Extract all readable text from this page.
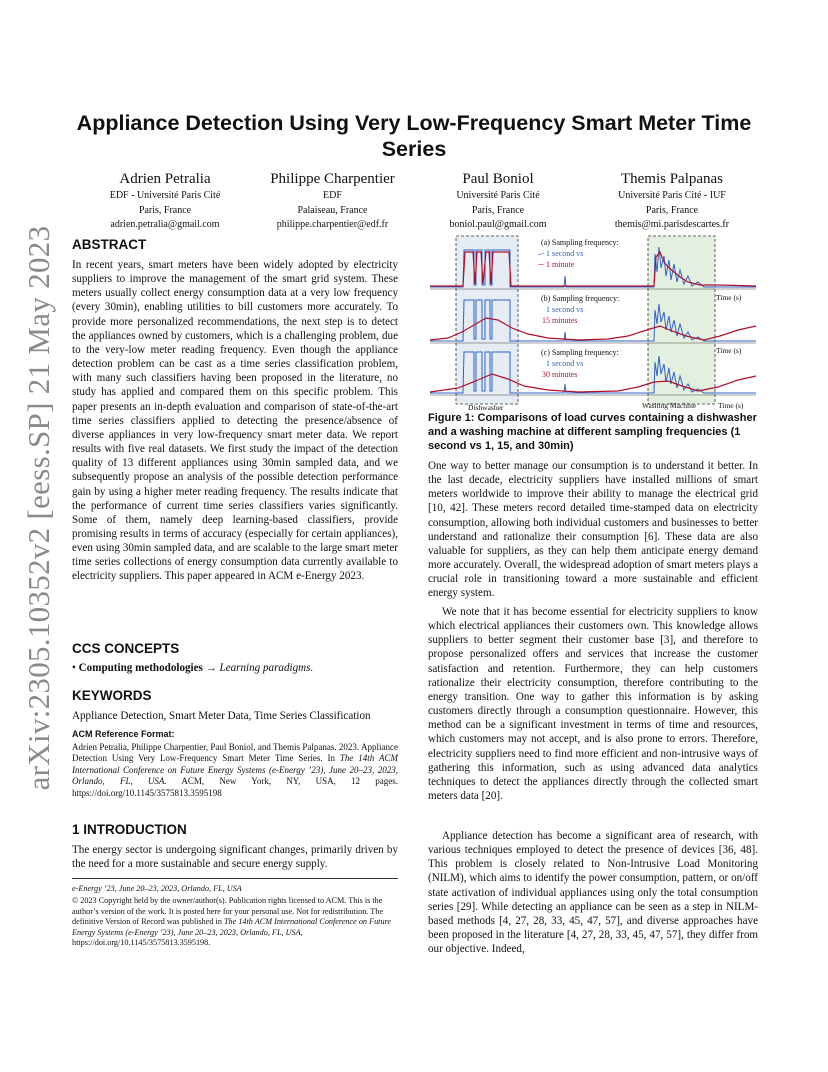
arXiv:2305.10352v2 [eess.SP] 21 May 2023
Appliance Detection Using Very Low-Frequency Smart Meter Time Series
Adrien Petralia
EDF - Université Paris Cité
Paris, France
adrien.petralia@gmail.com
Philippe Charpentier
EDF
Palaiseau, France
philippe.charpentier@edf.fr
Paul Boniol
Université Paris Cité
Paris, France
boniol.paul@gmail.com
Themis Palpanas
Université Paris Cité - IUF
Paris, France
themis@mi.parisdescartes.fr
ABSTRACT

In recent years, smart meters have been widely adopted by electricity suppliers to improve the management of the smart grid system. These meters usually collect energy consumption data at a very low frequency (every 30min), enabling utilities to bill customers more accurately. To provide more personalized recommendations, the next step is to detect the appliances owned by customers, which is a challenging problem, due to the very-low meter reading frequency. Even though the appliance detection problem can be cast as a time series classification problem, with many such classifiers having been proposed in the literature, no study has applied and compared them on this specific problem. This paper presents an in-depth evaluation and comparison of state-of-the-art time series classifiers applied to detecting the presence/absence of diverse appliances in very low-frequency smart meter data. We report results with five real datasets. We first study the impact of the detection quality of 13 different appliances using 30min sampled data, and we subsequently propose an analysis of the possible detection performance gain by using a higher meter reading frequency. The results indicate that the performance of current time series classifiers varies significantly. Some of them, namely deep learning-based classifiers, provide promising results in terms of accuracy (especially for certain appliances), even using 30min sampled data, and are scalable to the large smart meter time series collections of energy consumption data currently available to electricity suppliers. This paper appeared in ACM e-Energy 2023.

CCS CONCEPTS

• Computing methodologies → Learning paradigms.

KEYWORDS

Appliance Detection, Smart Meter Data, Time Series Classification

ACM Reference Format:

Adrien Petralia, Philippe Charpentier, Paul Boniol, and Themis Palpanas. 2023. Appliance Detection Using Very Low-Frequency Smart Meter Time Series. In The 14th ACM International Conference on Future Energy Systems (e-Energy ’23), June 20–23, 2023, Orlando, FL, USA. ACM, New York, NY, USA, 12 pages. https://doi.org/10.1145/3575813.3595198

1 INTRODUCTION

The energy sector is undergoing significant changes, primarily driven by the need for a more sustainable and secure energy supply.

e-Energy ’23, June 20–23, 2023, Orlando, FL, USA

© 2023 Copyright held by the owner/author(s). Publication rights licensed to ACM. This is the author’s version of the work. It is posted here for your personal use. Not for redistribution. The definitive Version of Record was published in The 14th ACM International Conference on Future Energy Systems (e-Energy ’23), June 20–23, 2023, Orlando, FL, USA, https://doi.org/10.1145/3575813.3595198.

(a) Sampling frequency:
1 second vs
1 minute
(b) Sampling frequency:
1 second vs
15 minutes
Time (s)
(c) Sampling frequency:
1 second vs
30 minutes
Time (s)
Dishwasher	Washing Machine	Time (s)

Figure 1: Comparisons of load curves containing a dishwasher and a washing machine at different sampling frequencies (1 second vs 1, 15, and 30min)

One way to better manage our consumption is to understand it better. In the last decade, electricity suppliers have installed millions of smart meters worldwide to improve their ability to manage the electrical grid [10, 42]. These meters record detailed time-stamped data on electricity consumption, allowing both individual customers and businesses to better understand and rationalize their consumption [6]. These data are also valuable for suppliers, as they can help them anticipate energy demand more accurately. Overall, the widespread adoption of smart meters plays a crucial role in transitioning toward a more sustainable and efficient energy system.

We note that it has become essential for electricity suppliers to know which electrical appliances their customers own. This knowledge allows suppliers to better segment their customer base [3], and therefore to propose personalized offers and services that increase the customer satisfaction and retention. Furthermore, they can help customers rationalize their electricity consumption, therefore contributing to the energy transition. One way to gather this information is by asking customers directly through a consumption questionnaire. However, this method can be a significant investment in terms of time and resources, which customers may not accept, and is also prone to errors. Therefore, electricity suppliers need to find more efficient and non-intrusive ways of gathering this information, such as using advanced data analytics techniques to detect the appliances directly through the collected smart meters data [20].

Appliance detection has become a significant area of research, with various techniques employed to detect the presence of devices [36, 48]. This problem is closely related to Non-Intrusive Load Monitoring (NILM), which aims to identify the power consumption, pattern, or on/off state activation of individual appliances using only the total consumption series [29]. While detecting an appliance can be seen as a step in NILM-based methods [4, 27, 28, 33, 45, 47, 57], and diverse approaches have been proposed in the literature [4, 27, 28, 33, 45, 47, 57], they differ from our objective. Indeed,
